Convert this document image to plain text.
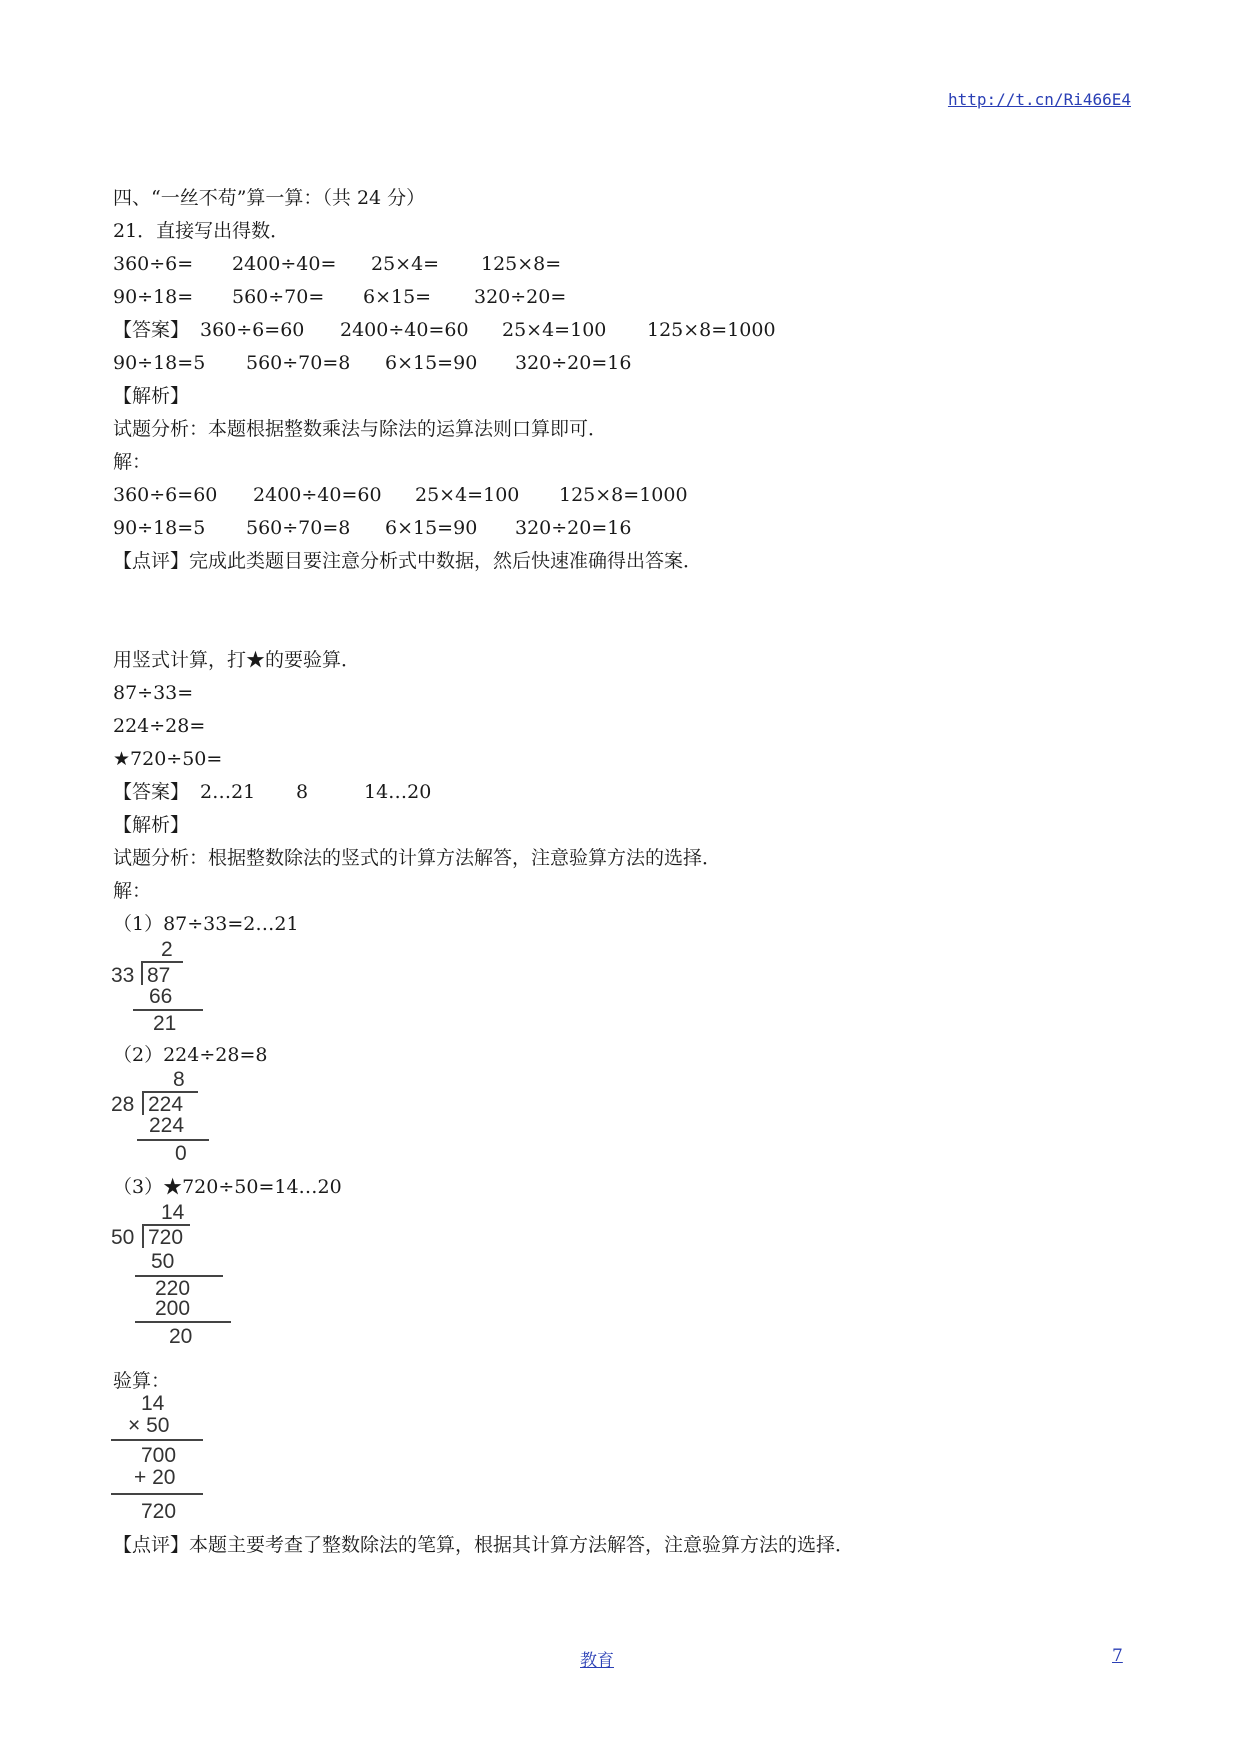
http://t.cn/Ri466E4
四、“一丝不苟”算一算：（共 24 分）
21．直接写出得数．
360÷6= 2400÷40= 25×4= 125×8=
90÷18= 560÷70= 6×15= 320÷20=
【答案】 360÷6=60 2400÷40=60 25×4=100 125×8=1000
90÷18=5 560÷70=8 6×15=90 320÷20=16
【解析】
试题分析：本题根据整数乘法与除法的运算法则口算即可．
解：
360÷6=60 2400÷40=60 25×4=100 125×8=1000
90÷18=5 560÷70=8 6×15=90 320÷20=16
【点评】完成此类题目要注意分析式中数据，然后快速准确得出答案．
用竖式计算，打★的要验算．
87÷33=
224÷28=
★720÷50=
【答案】 2…21 8	14…20
【解析】
试题分析：根据整数除法的竖式的计算方法解答，注意验算方法的选择．
解：
（1）87÷33=2…21
2
33 87
66
21
（2）224÷28=8
8
28 224
224
0
（3）★720÷50=14…20
14
50 720
50
220
200
20
验算：
14
× 50
700
+ 20
720
【点评】本题主要考查了整数除法的笔算，根据其计算方法解答，注意验算方法的选择．
教育	7
